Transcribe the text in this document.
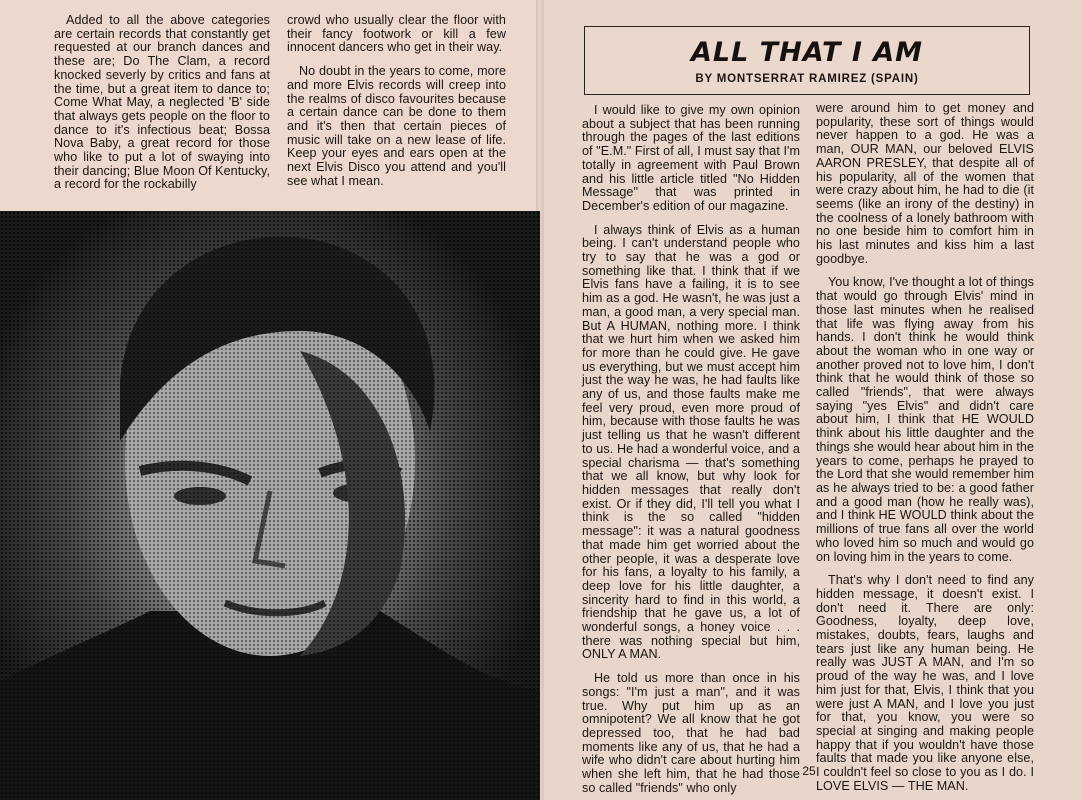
Added to all the above categories are certain records that constantly get requested at our branch dances and these are; Do The Clam, a record knocked severly by critics and fans at the time, but a great item to dance to; Come What May, a neglected 'B' side that always gets people on the floor to dance to it's infectious beat; Bossa Nova Baby, a great record for those who like to put a lot of swaying into their dancing; Blue Moon Of Kentucky, a record for the rockabilly

crowd who usually clear the floor with their fancy footwork or kill a few innocent dancers who get in their way.

No doubt in the years to come, more and more Elvis records will creep into the realms of disco favourites because a certain dance can be done to them and it's then that certain pieces of music will take on a new lease of life. Keep your eyes and ears open at the next Elvis Disco you attend and you'll see what I mean.

ALL THAT I AM
BY MONTSERRAT RAMIREZ (SPAIN)

I would like to give my own opinion about a subject that has been running through the pages of the last editions of "E.M." First of all, I must say that I'm totally in agreement with Paul Brown and his little article titled "No Hidden Message" that was printed in December's edition of our magazine.

I always think of Elvis as a human being. I can't understand people who try to say that he was a god or something like that. I think that if we Elvis fans have a failing, it is to see him as a god. He wasn't, he was just a man, a good man, a very special man. But A HUMAN, nothing more. I think that we hurt him when we asked him for more than he could give. He gave us everything, but we must accept him just the way he was, he had faults like any of us, and those faults make me feel very proud, even more proud of him, because with those faults he was just telling us that he wasn't different to us. He had a wonderful voice, and a special charisma — that's something that we all know, but why look for hidden messages that really don't exist. Or if they did, I'll tell you what I think is the so called "hidden message": it was a natural goodness that made him get worried about the other people, it was a desperate love for his fans, a loyalty to his family, a deep love for his little daughter, a sincerity hard to find in this world, a friendship that he gave us, a lot of wonderful songs, a honey voice . . . there was nothing special but him, ONLY A MAN.

He told us more than once in his songs: "I'm just a man", and it was true. Why put him up as an omnipotent? We all know that he got depressed too, that he had bad moments like any of us, that he had a wife who didn't care about hurting him when she left him, that he had those so called "friends" who only

were around him to get money and popularity, these sort of things would never happen to a god. He was a man, OUR MAN, our beloved ELVIS AARON PRESLEY, that despite all of his popularity, all of the women that were crazy about him, he had to die (it seems (like an irony of the destiny) in the coolness of a lonely bathroom with no one beside him to comfort him in his last minutes and kiss him a last goodbye.

You know, I've thought a lot of things that would go through Elvis' mind in those last minutes when he realised that life was flying away from his hands. I don't think he would think about the woman who in one way or another proved not to love him, I don't think that he would think of those so called "friends", that were always saying "yes Elvis" and didn't care about him, I think that HE WOULD think about his little daughter and the things she would hear about him in the years to come, perhaps he prayed to the Lord that she would remember him as he always tried to be: a good father and a good man (how he really was), and I think HE WOULD think about the millions of true fans all over the world who loved him so much and would go on loving him in the years to come.

That's why I don't need to find any hidden message, it doesn't exist. I don't need it. There are only: Goodness, loyalty, deep love, mistakes, doubts, fears, laughs and tears just like any human being. He really was JUST A MAN, and I'm so proud of the way he was, and I love him just for that, Elvis, I think that you were just A MAN, and I love you just for that, you know, you were so special at singing and making people happy that if you wouldn't have those faults that made you like anyone else, I couldn't feel so close to you as I do. I LOVE ELVIS — THE MAN.

25
